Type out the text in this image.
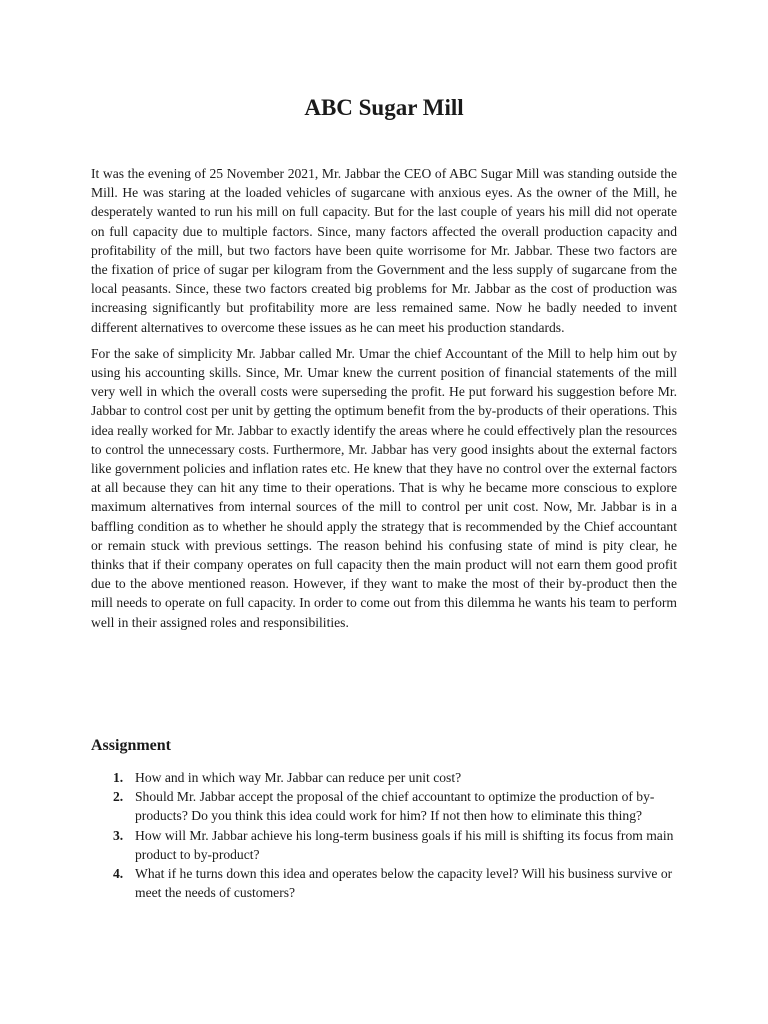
ABC Sugar Mill

It was the evening of 25 November 2021, Mr. Jabbar the CEO of ABC Sugar Mill was standing outside the Mill. He was staring at the loaded vehicles of sugarcane with anxious eyes. As the owner of the Mill, he desperately wanted to run his mill on full capacity. But for the last couple of years his mill did not operate on full capacity due to multiple factors. Since, many factors affected the overall production capacity and profitability of the mill, but two factors have been quite worrisome for Mr. Jabbar. These two factors are the fixation of price of sugar per kilogram from the Government and the less supply of sugarcane from the local peasants. Since, these two factors created big problems for Mr. Jabbar as the cost of production was increasing significantly but profitability more are less remained same. Now he badly needed to invent different alternatives to overcome these issues as he can meet his production standards.

For the sake of simplicity Mr. Jabbar called Mr. Umar the chief Accountant of the Mill to help him out by using his accounting skills. Since, Mr. Umar knew the current position of financial statements of the mill very well in which the overall costs were superseding the profit. He put forward his suggestion before Mr. Jabbar to control cost per unit by getting the optimum benefit from the by-products of their operations. This idea really worked for Mr. Jabbar to exactly identify the areas where he could effectively plan the resources to control the unnecessary costs. Furthermore, Mr. Jabbar has very good insights about the external factors like government policies and inflation rates etc. He knew that they have no control over the external factors at all because they can hit any time to their operations. That is why he became more conscious to explore maximum alternatives from internal sources of the mill to control per unit cost. Now, Mr. Jabbar is in a baffling condition as to whether he should apply the strategy that is recommended by the Chief accountant or remain stuck with previous settings. The reason behind his confusing state of mind is pity clear, he thinks that if their company operates on full capacity then the main product will not earn them good profit due to the above mentioned reason. However, if they want to make the most of their by-product then the mill needs to operate on full capacity. In order to come out from this dilemma he wants his team to perform well in their assigned roles and responsibilities.

Assignment
1. How and in which way Mr. Jabbar can reduce per unit cost?
2. Should Mr. Jabbar accept the proposal of the chief accountant to optimize the production of by-products? Do you think this idea could work for him? If not then how to eliminate this thing?
3. How will Mr. Jabbar achieve his long-term business goals if his mill is shifting its focus from main product to by-product?
4. What if he turns down this idea and operates below the capacity level? Will his business survive or meet the needs of customers?
